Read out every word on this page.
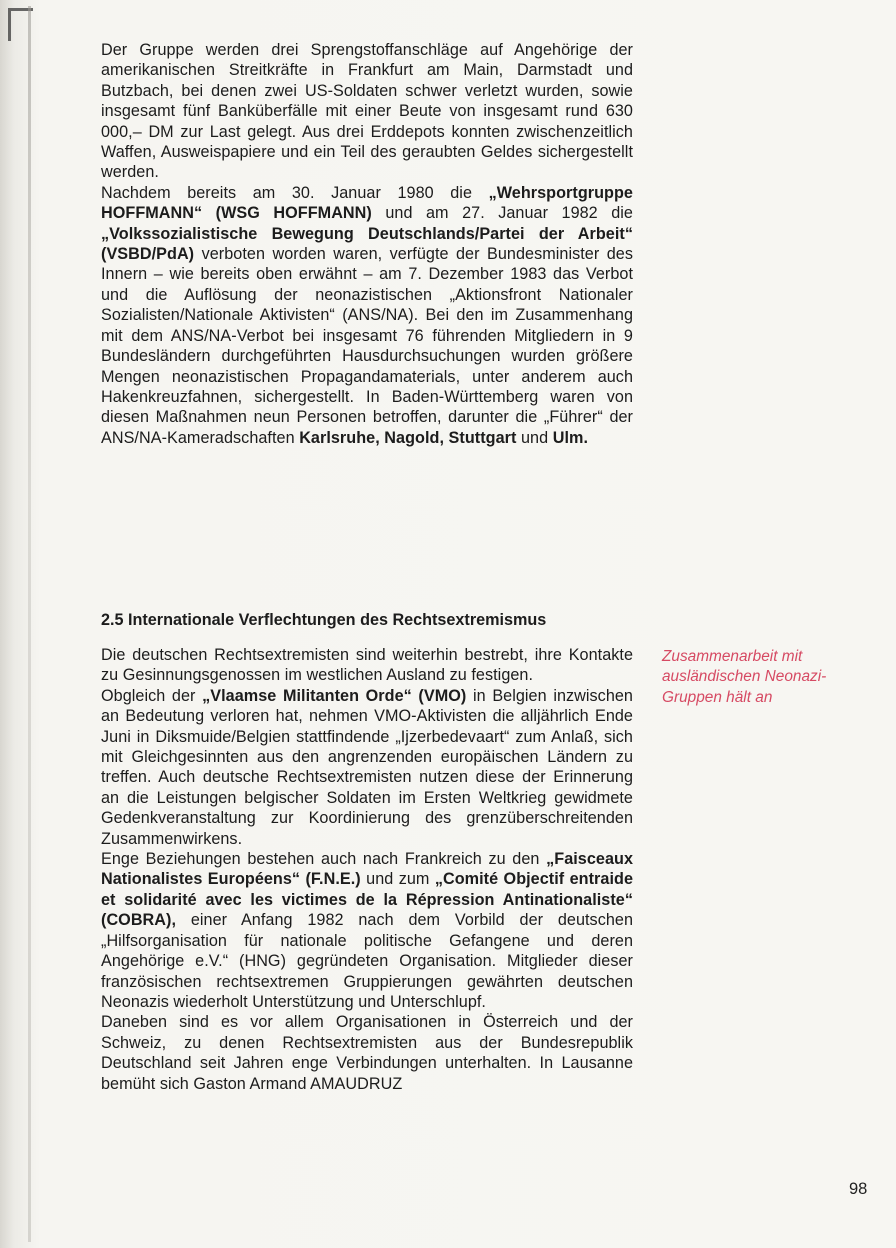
Der Gruppe werden drei Sprengstoffanschläge auf Angehörige der amerikanischen Streitkräfte in Frankfurt am Main, Darmstadt und Butzbach, bei denen zwei US-Soldaten schwer verletzt wurden, sowie insgesamt fünf Banküberfälle mit einer Beute von insgesamt rund 630 000,– DM zur Last gelegt. Aus drei Erddepots konnten zwischenzeitlich Waffen, Ausweispapiere und ein Teil des geraubten Geldes sichergestellt werden.

Nachdem bereits am 30. Januar 1980 die „Wehrsportgruppe HOFFMANN“ (WSG HOFFMANN) und am 27. Januar 1982 die „Volkssozialistische Bewegung Deutschlands/Partei der Arbeit“ (VSBD/PdA) verboten worden waren, verfügte der Bundesminister des Innern – wie bereits oben erwähnt – am 7. Dezember 1983 das Verbot und die Auflösung der neonazistischen „Aktionsfront Nationaler Sozialisten/Nationale Aktivisten“ (ANS/NA). Bei den im Zusammenhang mit dem ANS/NA-Verbot bei insgesamt 76 führenden Mitgliedern in 9 Bundesländern durchgeführten Hausdurchsuchungen wurden größere Mengen neonazistischen Propagandamaterials, unter anderem auch Hakenkreuzfahnen, sichergestellt. In Baden-Württemberg waren von diesen Maßnahmen neun Personen betroffen, darunter die „Führer“ der ANS/NA-Kameradschaften Karlsruhe, Nagold, Stuttgart und Ulm.

2.5 Internationale Verflechtungen des Rechtsextremismus

Die deutschen Rechtsextremisten sind weiterhin bestrebt, ihre Kontakte zu Gesinnungsgenossen im westlichen Ausland zu festigen.

Obgleich der „Vlaamse Militanten Orde“ (VMO) in Belgien inzwischen an Bedeutung verloren hat, nehmen VMO-Aktivisten die alljährlich Ende Juni in Diksmuide/Belgien stattfindende „Ijzerbedevaart“ zum Anlaß, sich mit Gleichgesinnten aus den angrenzenden europäischen Ländern zu treffen. Auch deutsche Rechtsextremisten nutzen diese der Erinnerung an die Leistungen belgischer Soldaten im Ersten Weltkrieg gewidmete Gedenkveranstaltung zur Koordinierung des grenzüberschreitenden Zusammenwirkens.

Enge Beziehungen bestehen auch nach Frankreich zu den „Faisceaux Nationalistes Européens“ (F.N.E.) und zum „Comité Objectif entraide et solidarité avec les victimes de la Répression Antinationaliste“ (COBRA), einer Anfang 1982 nach dem Vorbild der deutschen „Hilfsorganisation für nationale politische Gefangene und deren Angehörige e.V.“ (HNG) gegründeten Organisation. Mitglieder dieser französischen rechtsextremen Gruppierungen gewährten deutschen Neonazis wiederholt Unterstützung und Unterschlupf.

Daneben sind es vor allem Organisationen in Österreich und der Schweiz, zu denen Rechtsextremisten aus der Bundesrepublik Deutschland seit Jahren enge Verbindungen unterhalten. In Lausanne bemüht sich Gaston Armand AMAUDRUZ

Zusammenarbeit mit ausländischen Neonazi-Gruppen hält an
98
